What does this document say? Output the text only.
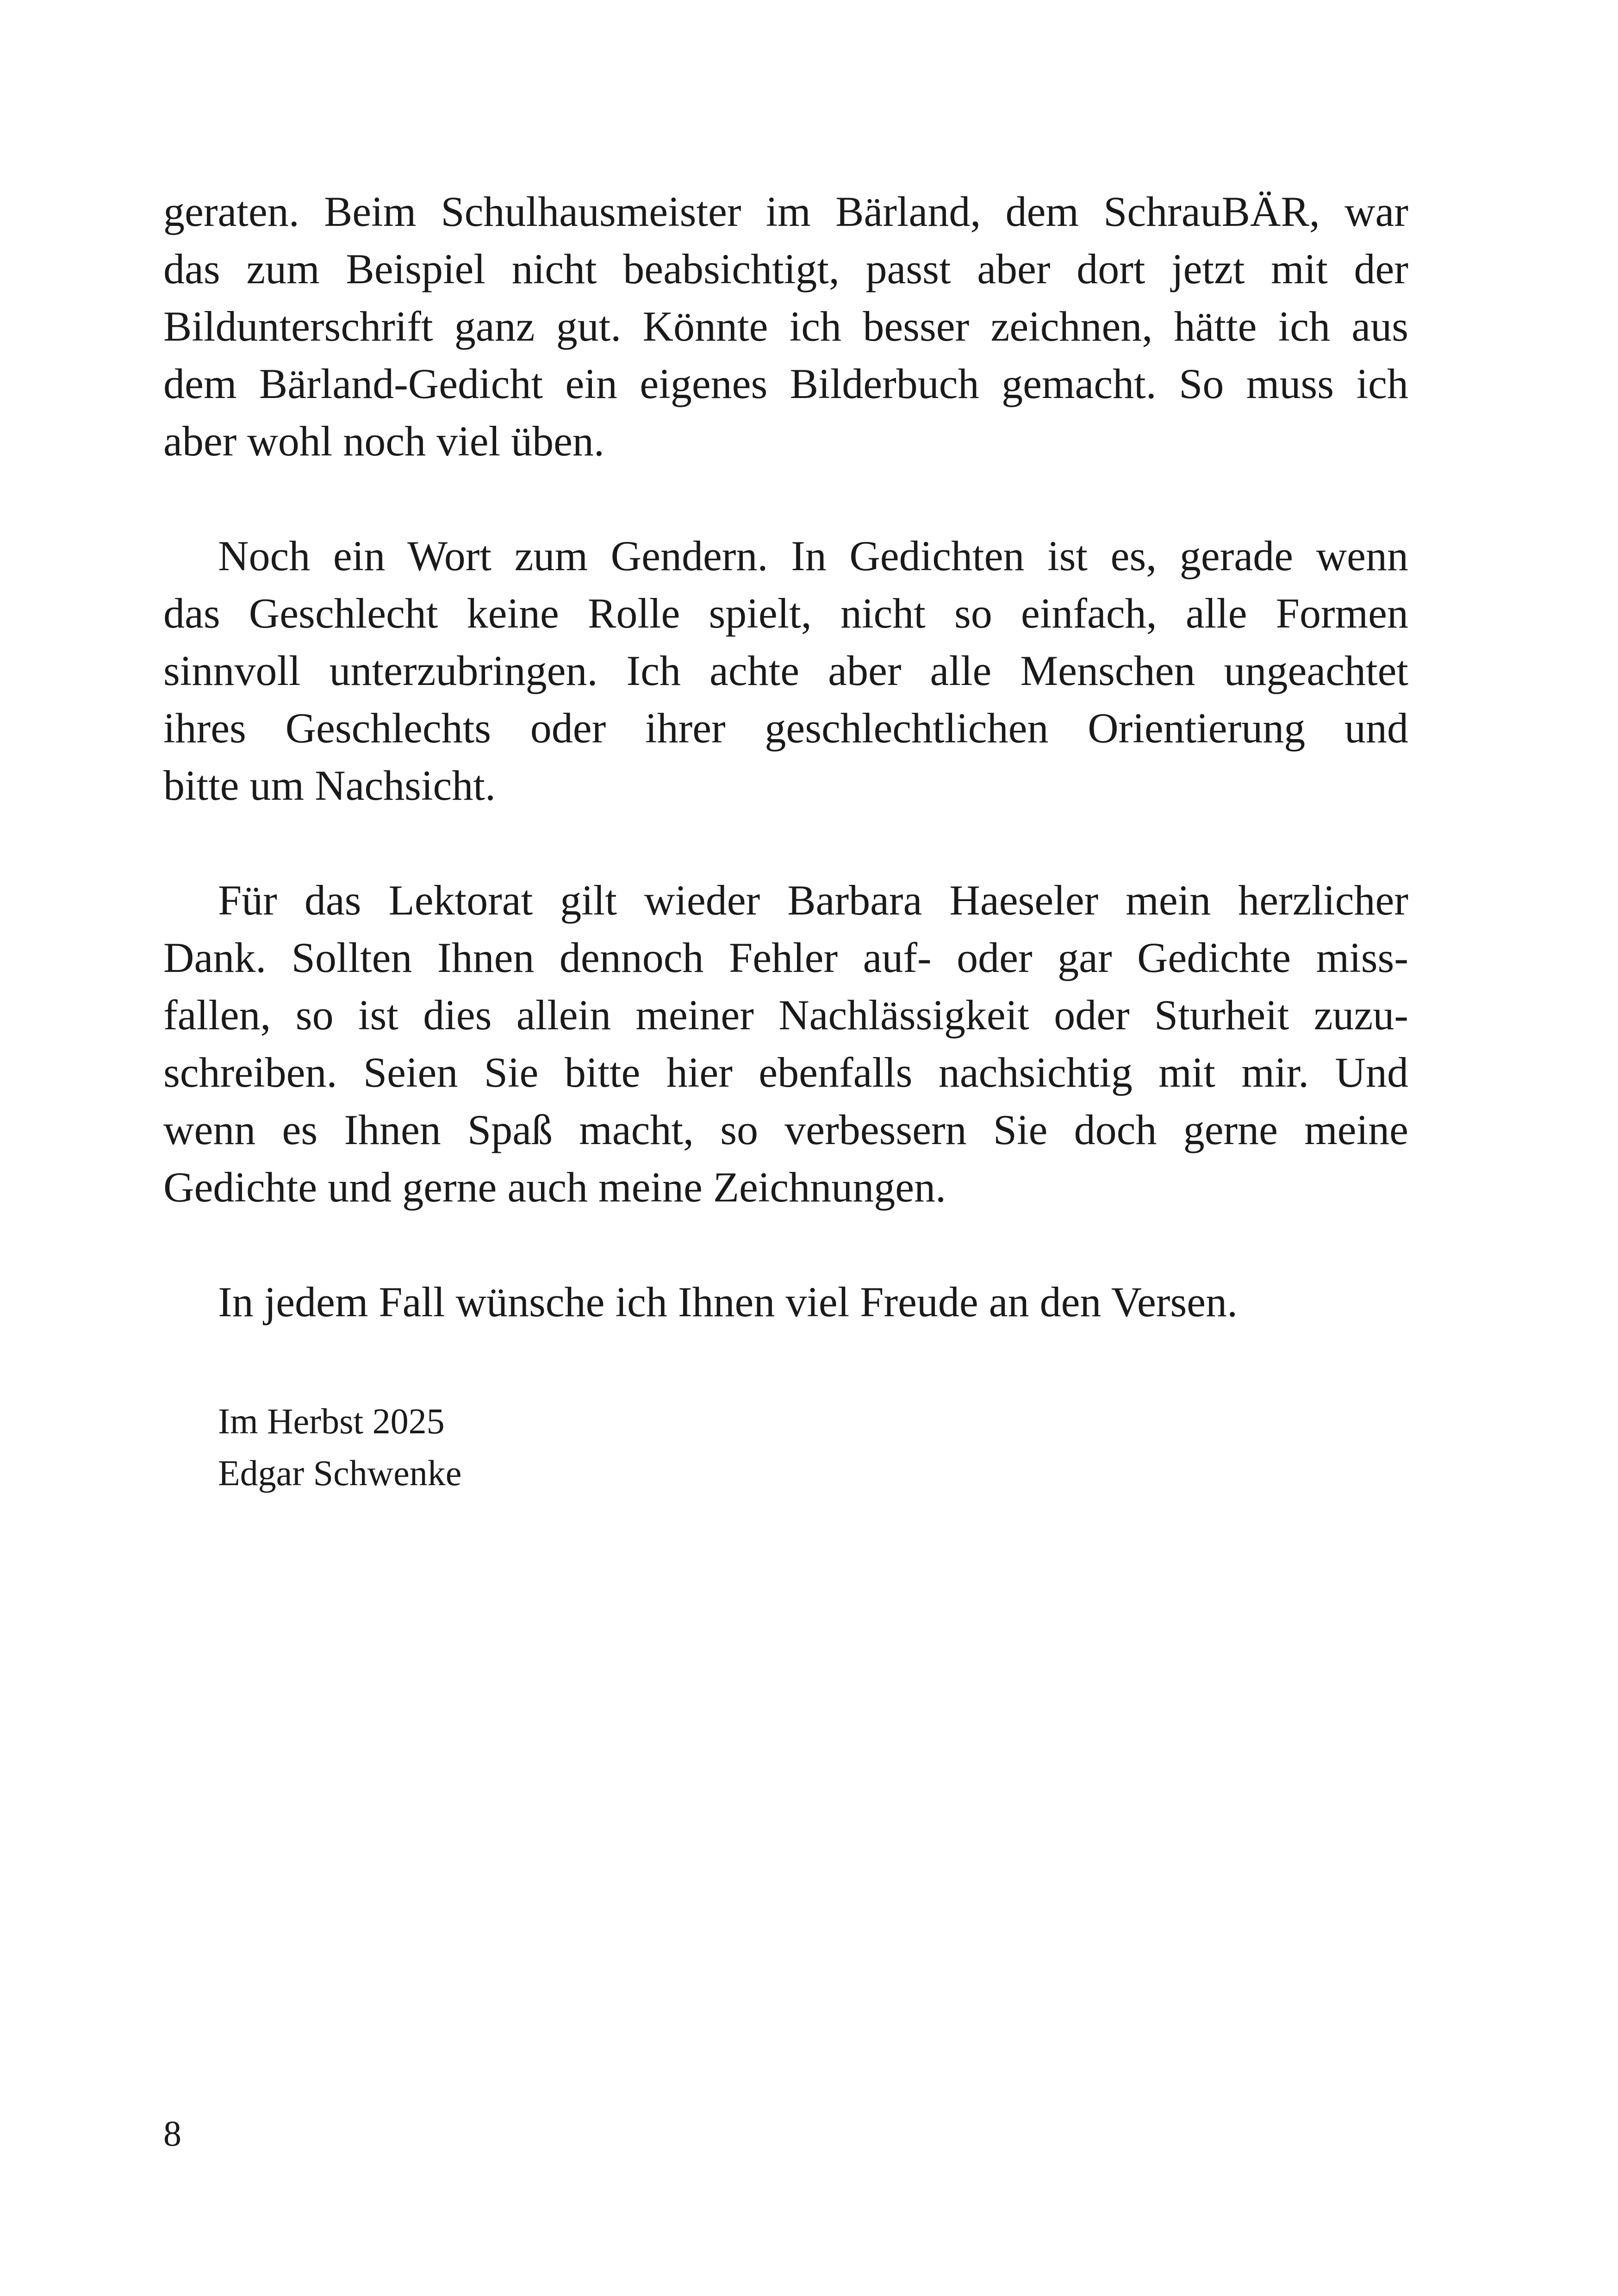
geraten. Beim Schulhausmeister im Bärland, dem SchrauBÄR, war
das zum Beispiel nicht beabsichtigt, passt aber dort jetzt mit der
Bildunterschrift ganz gut. Könnte ich besser zeichnen, hätte ich aus
dem Bärland-Gedicht ein eigenes Bilderbuch gemacht. So muss ich
aber wohl noch viel üben.

Noch ein Wort zum Gendern. In Gedichten ist es, gerade wenn
das Geschlecht keine Rolle spielt, nicht so einfach, alle Formen
sinnvoll unterzubringen. Ich achte aber alle Menschen ungeachtet
ihres Geschlechts oder ihrer geschlechtlichen Orientierung und
bitte um Nachsicht.

Für das Lektorat gilt wieder Barbara Haeseler mein herzlicher
Dank. Sollten Ihnen dennoch Fehler auf- oder gar Gedichte miss-
fallen, so ist dies allein meiner Nachlässigkeit oder Sturheit zuzu-
schreiben. Seien Sie bitte hier ebenfalls nachsichtig mit mir. Und
wenn es Ihnen Spaß macht, so verbessern Sie doch gerne meine
Gedichte und gerne auch meine Zeichnungen.

In jedem Fall wünsche ich Ihnen viel Freude an den Versen.

Im Herbst 2025
Edgar Schwenke
8
